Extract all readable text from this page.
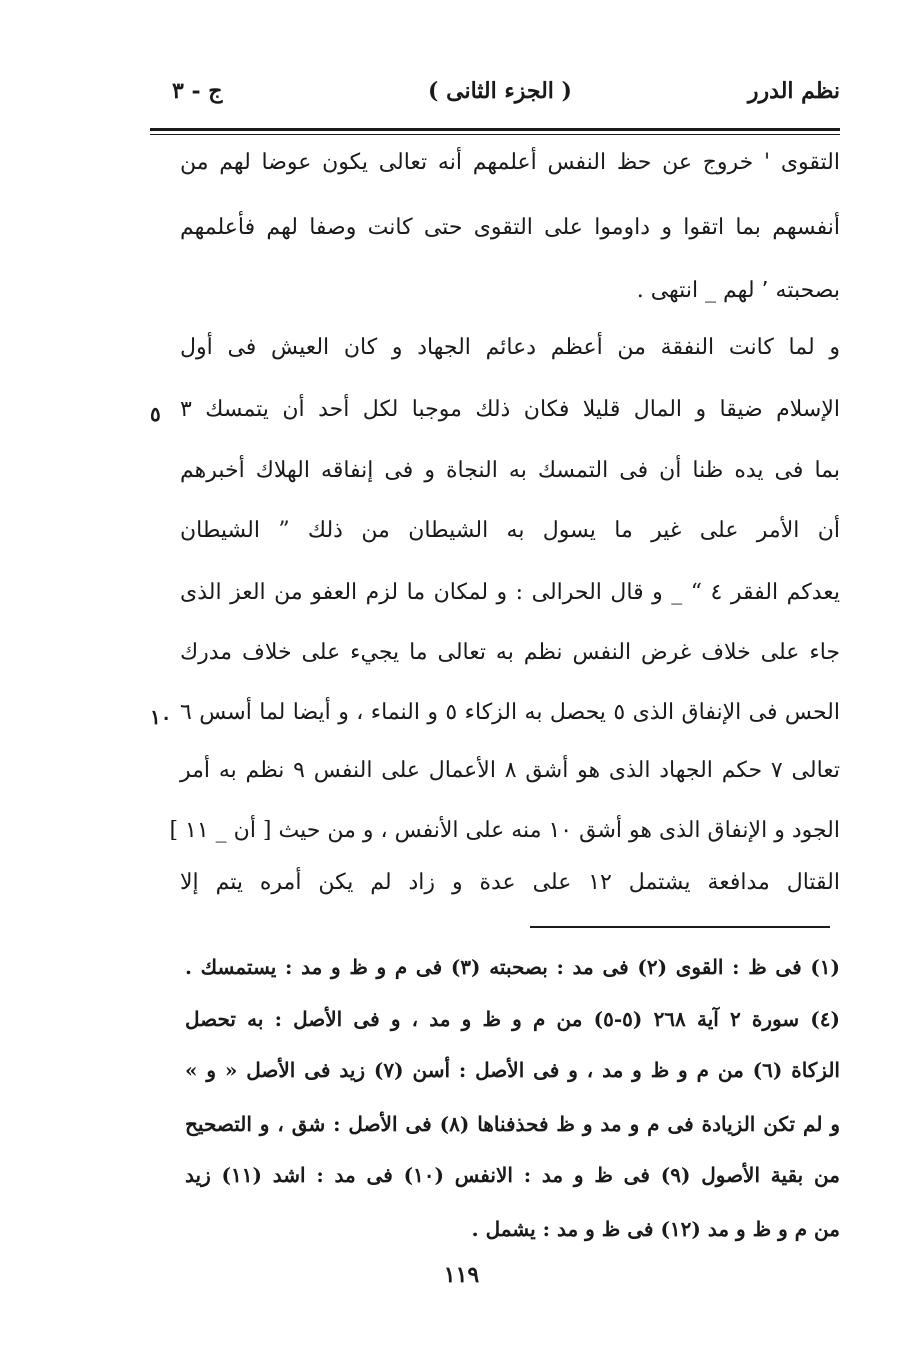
نظم الدرر
( الجزء الثانى )
ج - ٣
التقوى ' خروج عن حظ النفس أعلمهم أنه تعالى يكون عوضا لهم من
أنفسهم بما اتقوا و داوموا على التقوى حتى كانت وصفا لهم فأعلمهم
بصحبته ٬ لهم _ انتهى .
و لما كانت النفقة من أعظم دعائم الجهاد و كان العيش فى أول
الإسلام ضيقا و المال قليلا فكان ذلك موجبا لكل أحد أن يتمسك ٣
بما فى يده ظنا أن فى التمسك به النجاة و فى إنفاقه الهلاك أخبرهم
أن الأمر على غير ما يسول به الشيطان من ذلك ” الشيطان
يعدكم الفقر ٤ “ _ و قال الحرالى : و لمكان ما لزم العفو من العز الذى
جاء على خلاف غرض النفس نظم به تعالى ما يجيء على خلاف مدرك
الحس فى الإنفاق الذى ٥ يحصل به الزكاء ٥ و النماء ، و أيضا لما أسس ٦
تعالى ٧ حكم الجهاد الذى هو أشق ٨ الأعمال على النفس ٩ نظم به أمر
الجود و الإنفاق الذى هو أشق ١٠ منه على الأنفس ، و من حيث [ أن _ ١١ ]
القتال مدافعة يشتمل ١٢ على عدة و زاد لم يكن أمره يتم إلا
٥
١٠
(١) فى ظ : القوى (٢) فى مد : بصحبته (٣) فى م و ظ و مد : يستمسك .
(٤) سورة ٢ آية ٢٦٨ (٥-٥) من م و ظ و مد ، و فى الأصل : به تحصل
الزكاة (٦) من م و ظ و مد ، و فى الأصل : أسن (٧) زيد فى الأصل « و »
و لم تكن الزيادة فى م و مد و ظ فحذفناها (٨) فى الأصل : شق ، و التصحيح
من بقية الأصول (٩) فى ظ و مد : الانفس (١٠) فى مد : اشد (١١) زيد
من م و ظ و مد (١٢) فى ظ و مد : يشمل .
١١٩
